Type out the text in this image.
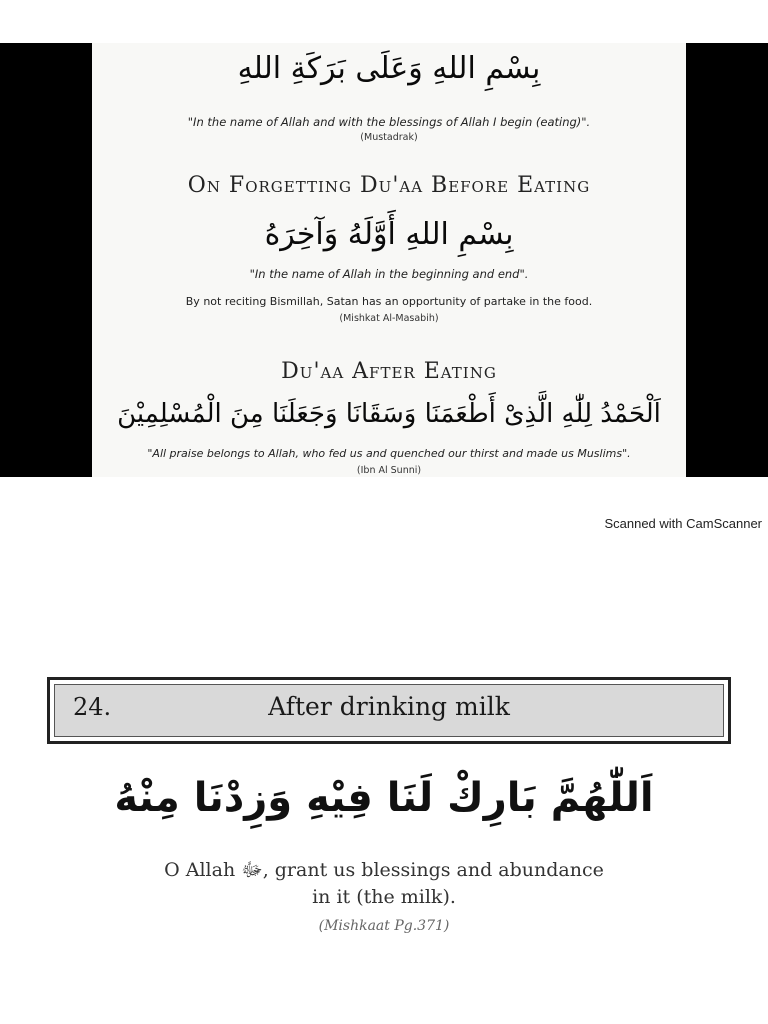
بِسْمِ اللهِ وَعَلَى بَرَكَةِ اللهِ
"In the name of Allah and with the blessings of Allah I begin (eating)".
(Mustadrak)
On Forgetting Du'aa Before Eating
بِسْمِ اللهِ أَوَّلَهُ وَآخِرَهُ
"In the name of Allah in the beginning and end".
By not reciting Bismillah, Satan has an opportunity of partake in the food.
(Mishkat Al-Masabih)
Du'aa After Eating
اَلْحَمْدُ لِلّٰهِ الَّذِىْ أَطْعَمَنَا وَسَقَانَا وَجَعَلَنَا مِنَ الْمُسْلِمِيْنَ
"All praise belongs to Allah, who fed us and quenched our thirst and made us Muslims".
(Ibn Al Sunni)
Scanned with CamScanner
24.	After drinking milk
اَللّٰهُمَّ بَارِكْ لَنَا فِيْهِ وَزِدْنَا مِنْهُ
O Allah ﷻ, grant us blessings and abundance
in it (the milk).
(Mishkaat Pg.371)
